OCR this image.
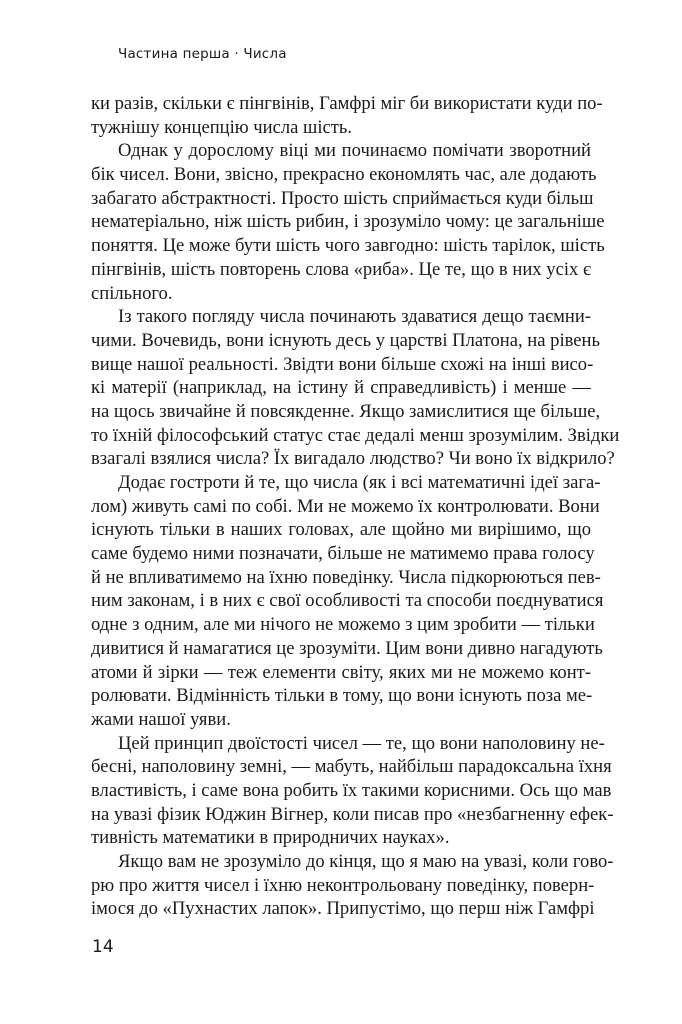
Частина перша · Числа
ки разів, скільки є пінгвінів, Гамфрі міг би використати куди по-
тужнішу концепцію числа шість.
Однак у дорослому віці ми починаємо помічати зворотний
бік чисел. Вони, звісно, прекрасно економлять час, але додають
забагато абстрактності. Просто шість сприймається куди більш
нематеріально, ніж шість рибин, і зрозуміло чому: це загальніше
поняття. Це може бути шість чого завгодно: шість тарілок, шість
пінгвінів, шість повторень слова «риба». Це те, що в них усіх є
спільного.
Із такого погляду числа починають здаватися дещо таємни-
чими. Вочевидь, вони існують десь у царстві Платона, на рівень
вище нашої реальності. Звідти вони більше схожі на інші висо-
кі матерії (наприклад, на істину й справедливість) і менше —
на щось звичайне й повсякденне. Якщо замислитися ще більше,
то їхній філософський статус стає дедалі менш зрозумілим. Звідки
взагалі взялися числа? Їх вигадало людство? Чи воно їх відкрило?
Додає гостроти й те, що числа (як і всі математичні ідеї зага-
лом) живуть самі по собі. Ми не можемо їх контролювати. Вони
існують тільки в наших головах, але щойно ми вирішимо, що
саме будемо ними позначати, більше не матимемо права голосу
й не впливатимемо на їхню поведінку. Числа підкорюються пев-
ним законам, і в них є свої особливості та способи поєднуватися
одне з одним, але ми нічого не можемо з цим зробити — тільки
дивитися й намагатися це зрозуміти. Цим вони дивно нагадують
атоми й зірки — теж елементи світу, яких ми не можемо конт-
ролювати. Відмінність тільки в тому, що вони існують поза ме-
жами нашої уяви.
Цей принцип двоїстості чисел — те, що вони наполовину не-
бесні, наполовину земні, — мабуть, найбільш парадоксальна їхня
властивість, і саме вона робить їх такими корисними. Ось що мав
на увазі фізик Юджин Вігнер, коли писав про «незбагненну ефек-
тивність математики в природничих науках».
Якщо вам не зрозуміло до кінця, що я маю на увазі, коли гово-
рю про життя чисел і їхню неконтрольовану поведінку, поверн-
імося до «Пухнастих лапок». Припустімо, що перш ніж Гамфрі
14
